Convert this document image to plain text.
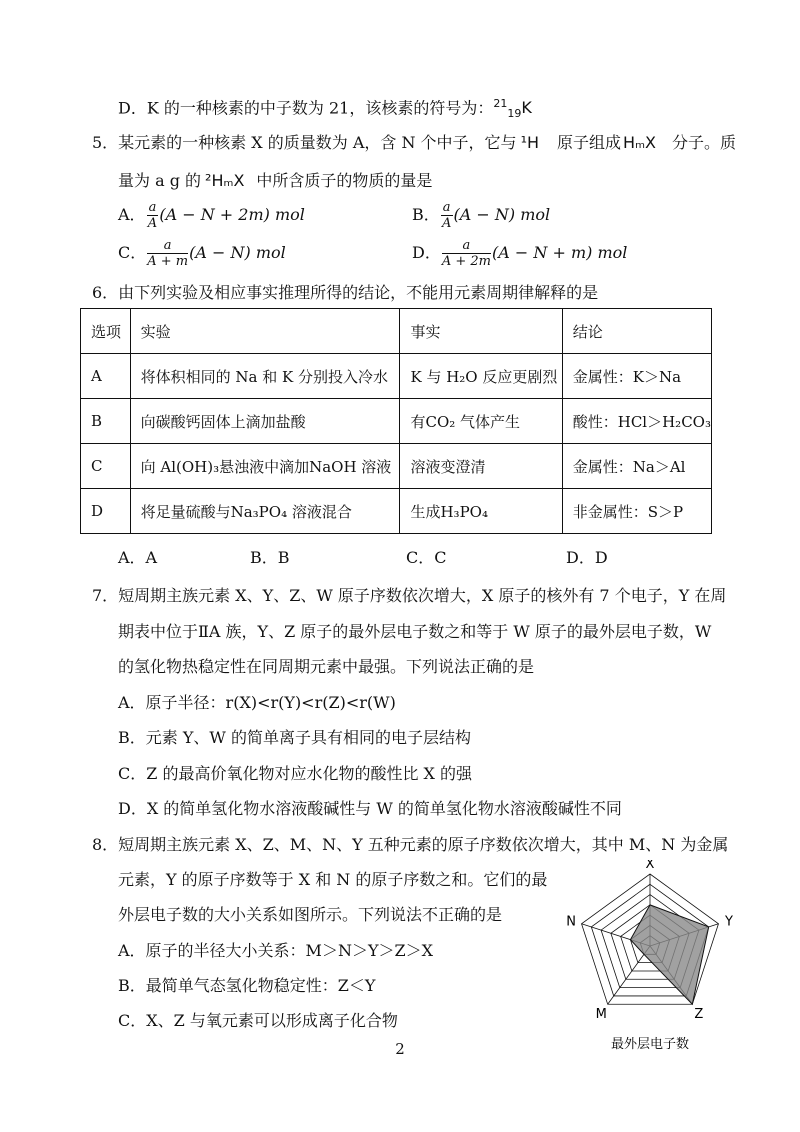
D．K 的一种核素的中子数为 21，该核素的符号为：$^{21}_{19}$K
5．某元素的一种核素 X 的质量数为 A，含 N 个中子，它与 ¹H 原子组成 HₘX 分子。质
量为 a g 的 ²HₘX 中所含质子的物质的量是
A． $\frac{a}{A} (A - N + 2m)$ mol	B． $\frac{a}{A} (A - N)$ mol
C． $\frac{a}{A + m} (A - N)$ mol	D． $\frac{a}{A + 2m} (A - N + m)$ mol
6．由下列实验及相应事实推理所得的结论，不能用元素周期律解释的是
选项	实验	事实	结论
A	将体积相同的 Na 和 K 分别投入冷水	K 与 H₂O 反应更剧烈	金属性：K＞Na
B	向碳酸钙固体上滴加盐酸	有CO₂ 气体产生	酸性：HCl＞H₂CO₃
C	向 Al(OH)₃悬浊液中滴加NaOH 溶液	溶液变澄清	金属性：Na＞Al
D	将足量硫酸与Na₃PO₄ 溶液混合	生成H₃PO₄	非金属性：S＞P
A．A	B．B	C．C	D．D
7．短周期主族元素 X、Y、Z、W 原子序数依次增大，X 原子的核外有 7 个电子，Y 在周
期表中位于ⅡA 族，Y、Z 原子的最外层电子数之和等于 W 原子的最外层电子数，W
的氢化物热稳定性在同周期元素中最强。下列说法正确的是
A．原子半径：r(X)<r(Y)<r(Z)<r(W)
B．元素 Y、W 的简单离子具有相同的电子层结构
C．Z 的最高价氧化物对应水化物的酸性比 X 的强
D．X 的简单氢化物水溶液酸碱性与 W 的简单氢化物水溶液酸碱性不同
8．短周期主族元素 X、Z、M、N、Y 五种元素的原子序数依次增大，其中 M、N 为金属
元素，Y 的原子序数等于 X 和 N 的原子序数之和。它们的最
外层电子数的大小关系如图所示。下列说法不正确的是
A．原子的半径大小关系：M＞N＞Y＞Z＞X
B．最简单气态氢化物稳定性：Z＜Y
C．X、Z 与氧元素可以形成离子化合物
X
Y
Z
M
N
最外层电子数
2
